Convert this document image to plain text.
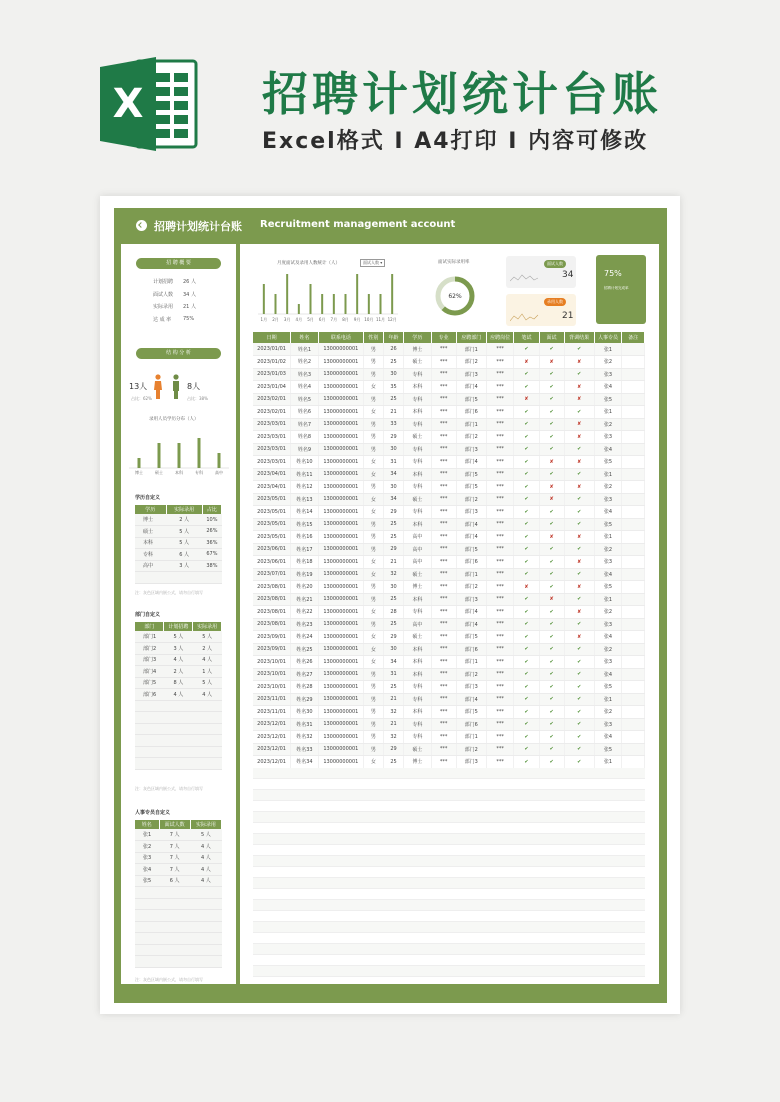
X	招聘计划统计台账
Excel格式 I A4打印 I 内容可修改
招聘计划统计台账 Recruitment management account
招 聘 概 要
计划招聘 26 人
面试人数 34 人
实际录用 21 人
达 成 率 75%
结 构 分 析
13人	8人
占比：62%	占比：38%
录用人员学历分布（人）
博士	硕士	本科	专科	高中
学历自定义
学历	实际录用	占比
博士	2 人	10%
硕士	5 人	26%
本科	5 人	36%
专科	6 人	67%
高中	3 人	38%

注：灰色区域内嵌公式，请勿自行填写
部门自定义
部门	计划招聘	实际录用
部门1	5 人	5 人
部门2	3 人	2 人
部门3	4 人	4 人
部门4	2 人	1 人
部门5	8 人	5 人
部门6	4 人	4 人

注：灰色区域内嵌公式，请勿自行填写
人事专员自定义
姓名	面试人数	实际录用
张1	7 人	5 人
张2	7 人	4 人
张3	7 人	4 人
张4	7 人	4 人
张5	6 人	4 人

注：灰色区域内嵌公式，请勿自行填写
月度面试及录用人数统计（人）	面试人数 ▾
1月 2月 3月 4月 5月 6月 7月 8月 9月 10月 11月 12月
面试实际录用率
62%
面试人数
34
录用人数
21
75%
招聘计划完成率
日期	姓名	联系电话	性别	年龄	学历	专业	应聘部门	应聘岗位	笔试	面试	背调结果	人事专员	备注
2023/01/01	姓名1	13000000001	男	26	博士	***	部门1	***	✔	✔	✔	张1	
2023/01/02	姓名2	13000000001	男	25	硕士	***	部门2	***	✘	✘	✘	张2	
2023/01/03	姓名3	13000000001	男	30	专科	***	部门3	***	✔	✔	✔	张3	
2023/01/04	姓名4	13000000001	女	35	本科	***	部门4	***	✔	✔	✘	张4	
2023/02/01	姓名5	13000000001	男	25	专科	***	部门5	***	✘	✔	✘	张5	
2023/02/01	姓名6	13000000001	女	21	本科	***	部门6	***	✔	✔	✔	张1	
2023/03/01	姓名7	13000000001	男	33	专科	***	部门1	***	✔	✔	✘	张2	
2023/03/01	姓名8	13000000001	男	29	硕士	***	部门2	***	✔	✔	✘	张3	
2023/03/01	姓名9	13000000001	男	30	专科	***	部门3	***	✔	✔	✔	张4	
2023/03/01	姓名10	13000000001	女	31	专科	***	部门4	***	✔	✘	✘	张5	
2023/04/01	姓名11	13000000001	女	34	本科	***	部门5	***	✔	✔	✔	张1	
2023/04/01	姓名12	13000000001	男	30	专科	***	部门5	***	✔	✘	✘	张2	
2023/05/01	姓名13	13000000001	女	34	硕士	***	部门2	***	✔	✘	✔	张3	
2023/05/01	姓名14	13000000001	女	29	专科	***	部门3	***	✔	✔	✔	张4	
2023/05/01	姓名15	13000000001	男	25	本科	***	部门4	***	✔	✔	✔	张5	
2023/05/01	姓名16	13000000001	男	25	高中	***	部门4	***	✔	✘	✘	张1	
2023/06/01	姓名17	13000000001	男	29	高中	***	部门5	***	✔	✔	✔	张2	
2023/06/01	姓名18	13000000001	女	21	高中	***	部门6	***	✔	✔	✘	张3	
2023/07/01	姓名19	13000000001	女	32	硕士	***	部门1	***	✔	✔	✔	张4	
2023/08/01	姓名20	13000000001	男	30	博士	***	部门2	***	✘	✔	✘	张5	
2023/08/01	姓名21	13000000001	男	25	本科	***	部门3	***	✔	✘	✔	张1	
2023/08/01	姓名22	13000000001	女	28	专科	***	部门4	***	✔	✔	✘	张2	
2023/08/01	姓名23	13000000001	男	25	高中	***	部门4	***	✔	✔	✔	张3	
2023/09/01	姓名24	13000000001	女	29	硕士	***	部门5	***	✔	✔	✘	张4	
2023/09/01	姓名25	13000000001	女	30	本科	***	部门6	***	✔	✔	✔	张2	
2023/10/01	姓名26	13000000001	女	34	本科	***	部门1	***	✔	✔	✔	张3	
2023/10/01	姓名27	13000000001	男	31	本科	***	部门2	***	✔	✔	✔	张4	
2023/10/01	姓名28	13000000001	男	25	专科	***	部门3	***	✔	✔	✔	张5	
2023/11/01	姓名29	13000000001	男	21	专科	***	部门4	***	✔	✔	✔	张1	
2023/11/01	姓名30	13000000001	男	32	本科	***	部门5	***	✔	✔	✔	张2	
2023/12/01	姓名31	13000000001	男	21	专科	***	部门6	***	✔	✔	✔	张3	
2023/12/01	姓名32	13000000001	男	32	专科	***	部门1	***	✔	✔	✔	张4	
2023/12/01	姓名33	13000000001	男	29	硕士	***	部门2	***	✔	✔	✔	张5	
2023/12/01	姓名34	13000000001	女	25	博士	***	部门3	***	✔	✔	✔	张1	
